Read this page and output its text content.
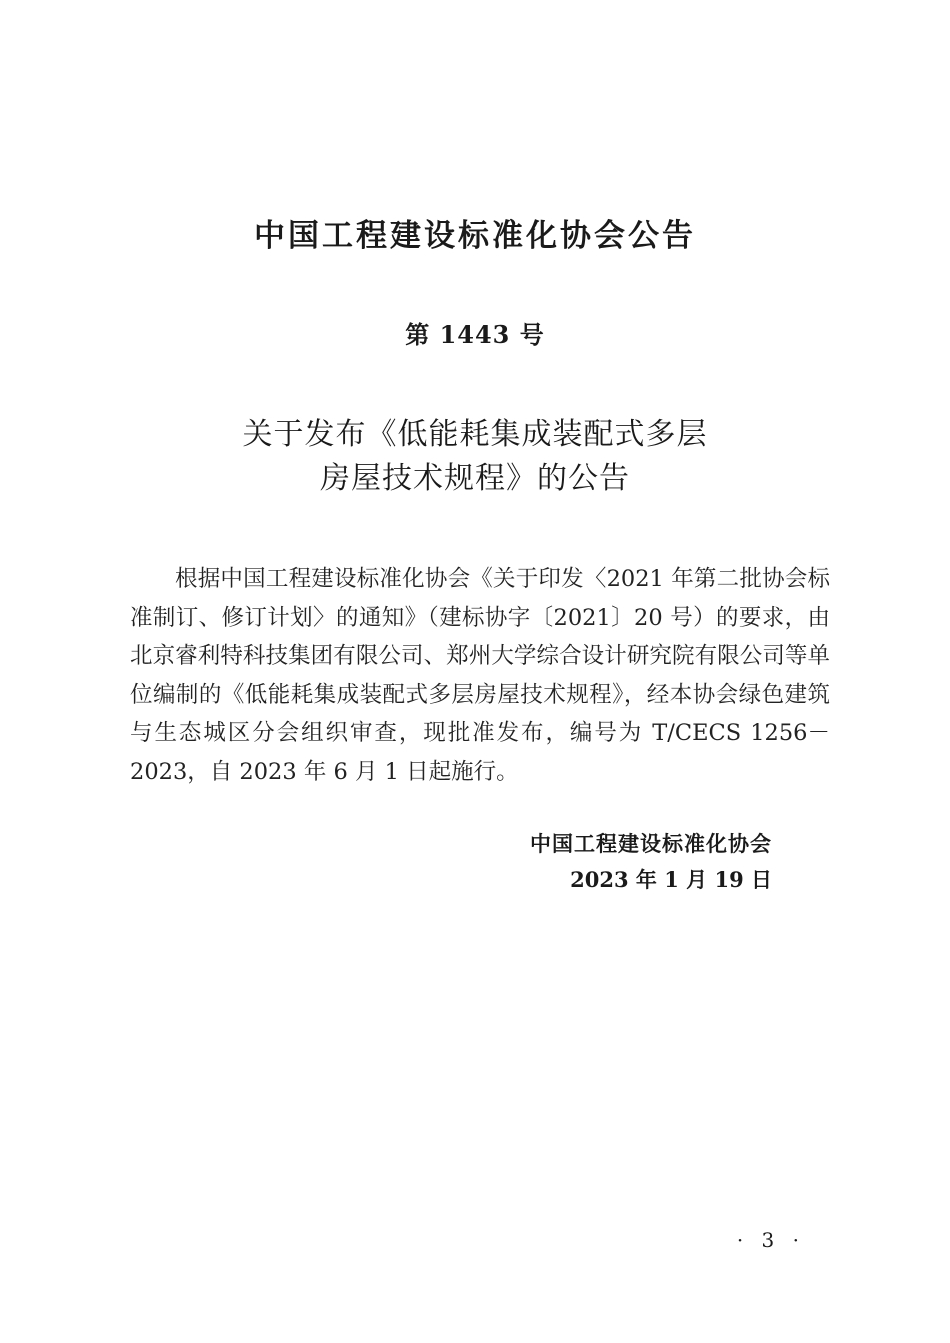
中国工程建设标准化协会公告
第 1443 号
关于发布《低能耗集成装配式多层
房屋技术规程》的公告

根据中国工程建设标准化协会《关于印发〈2021 年第二批协会标准制订、修订计划〉的通知》（建标协字〔2021〕20 号）的要求，由北京睿利特科技集团有限公司、郑州大学综合设计研究院有限公司等单位编制的《低能耗集成装配式多层房屋技术规程》，经本协会绿色建筑与生态城区分会组织审查，现批准发布，编号为 T/CECS 1256－2023，自 2023 年 6 月 1 日起施行。

中国工程建设标准化协会
2023 年 1 月 19 日
· 3 ·
